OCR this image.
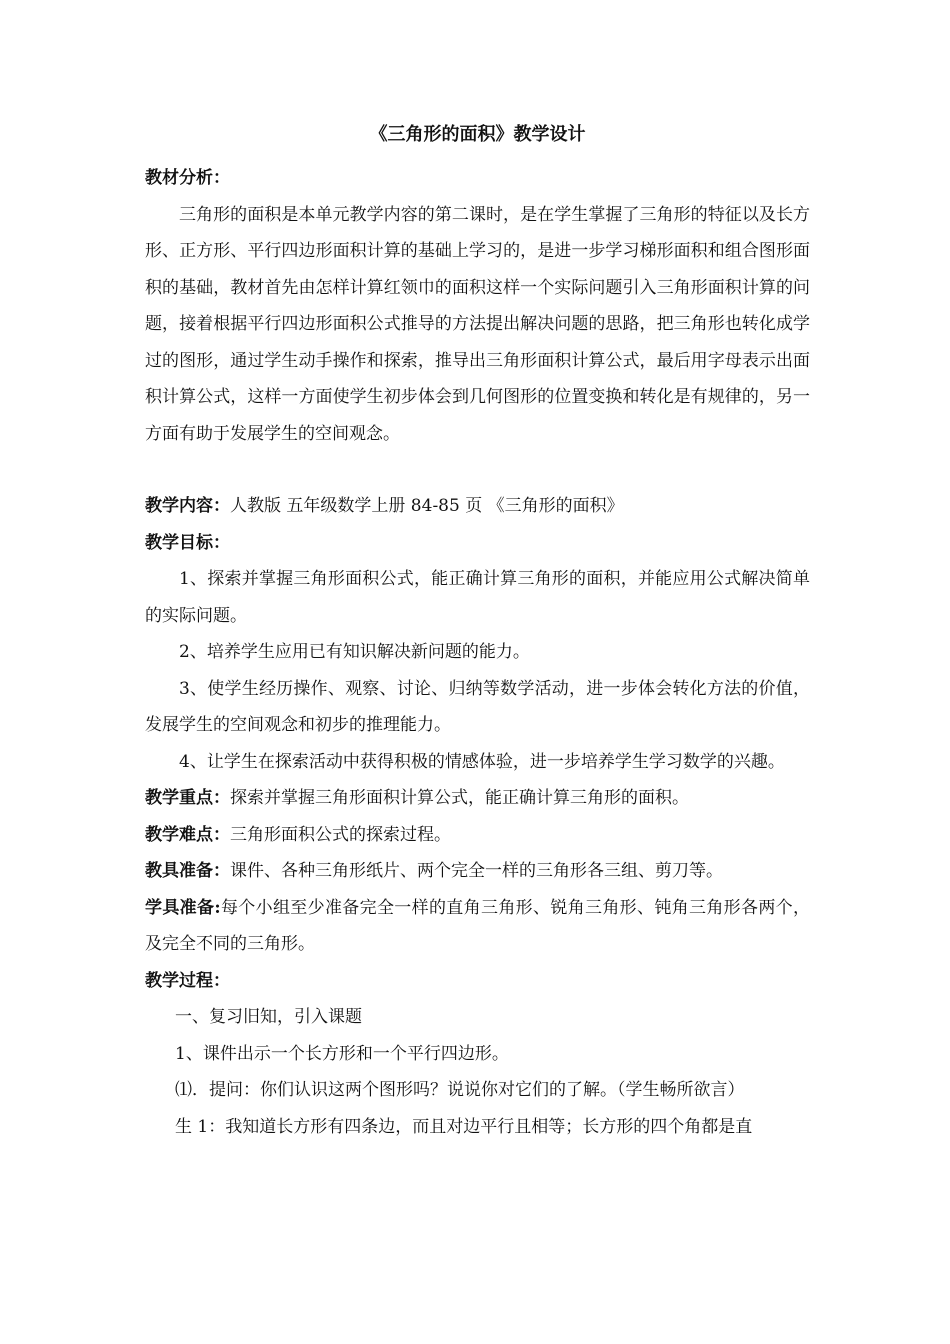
《三角形的面积》教学设计

教材分析：

三角形的面积是本单元教学内容的第二课时，是在学生掌握了三角形的特征以及长方形、正方形、平行四边形面积计算的基础上学习的，是进一步学习梯形面积和组合图形面积的基础，教材首先由怎样计算红领巾的面积这样一个实际问题引入三角形面积计算的问题，接着根据平行四边形面积公式推导的方法提出解决问题的思路，把三角形也转化成学过的图形，通过学生动手操作和探索，推导出三角形面积计算公式，最后用字母表示出面积计算公式，这样一方面使学生初步体会到几何图形的位置变换和转化是有规律的，另一方面有助于发展学生的空间观念。

教学内容：人教版 五年级数学上册 84-85 页 《三角形的面积》

教学目标：

1、探索并掌握三角形面积公式，能正确计算三角形的面积，并能应用公式解决简单的实际问题。

2、培养学生应用已有知识解决新问题的能力。

3、使学生经历操作、观察、讨论、归纳等数学活动，进一步体会转化方法的价值，发展学生的空间观念和初步的推理能力。

4、让学生在探索活动中获得积极的情感体验，进一步培养学生学习数学的兴趣。

教学重点：探索并掌握三角形面积计算公式，能正确计算三角形的面积。

教学难点：三角形面积公式的探索过程。

教具准备：课件、各种三角形纸片、两个完全一样的三角形各三组、剪刀等。

学具准备:每个小组至少准备完全一样的直角三角形、锐角三角形、钝角三角形各两个，及完全不同的三角形。

教学过程：

一、复习旧知，引入课题

1、课件出示一个长方形和一个平行四边形。

⑴．提问：你们认识这两个图形吗？说说你对它们的了解。（学生畅所欲言）

生 1：我知道长方形有四条边，而且对边平行且相等；长方形的四个角都是直
